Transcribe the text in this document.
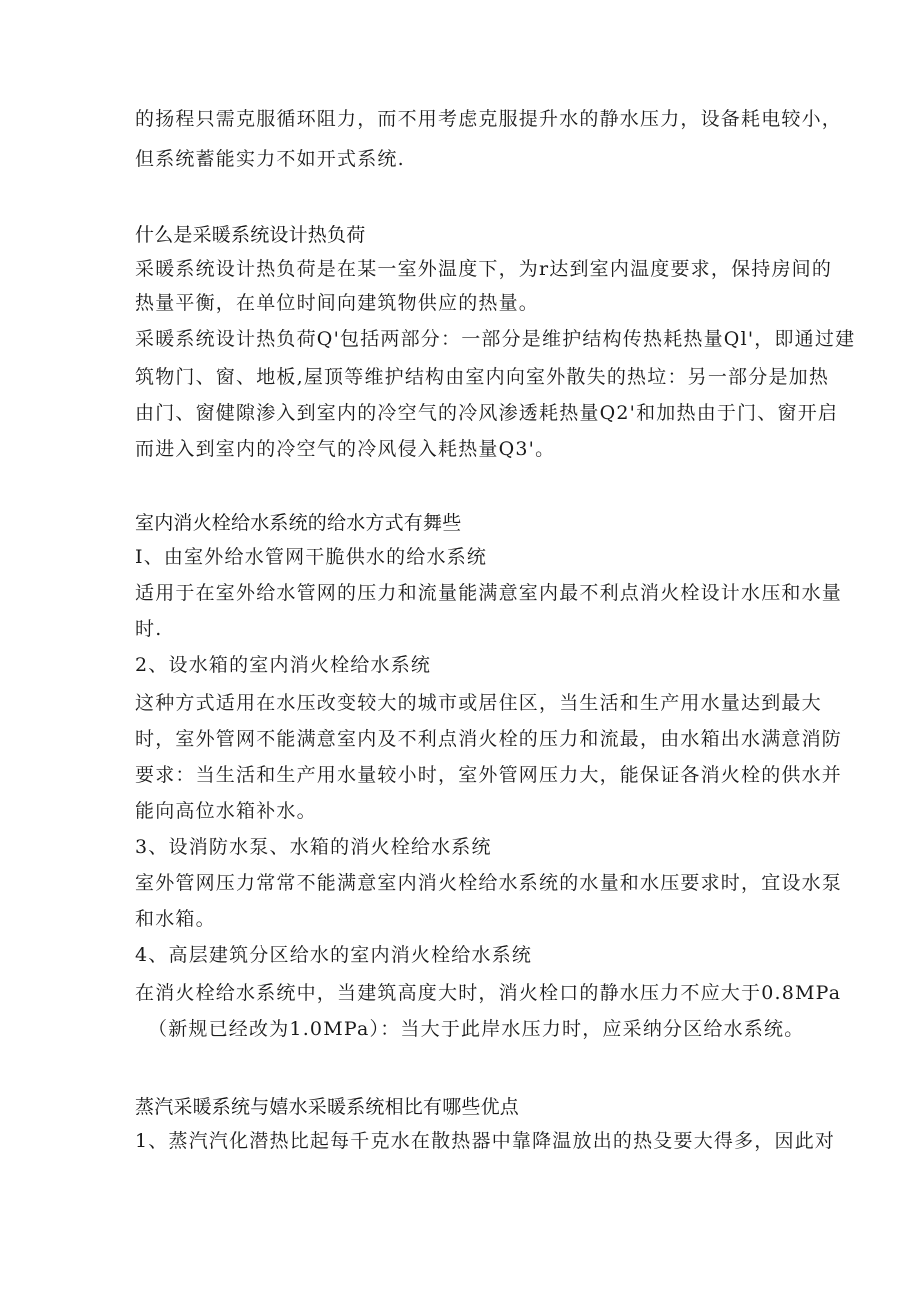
的扬程只需克服循环阻力，而不用考虑克服提升水的静水压力，设备耗电较小，
但系统蓄能实力不如开式系统.
什么是采暖系统设计热负荷
采暖系统设计热负荷是在某一室外温度下，为r达到室内温度要求，保持房间的
热量平衡，在单位时间向建筑物供应的热量。
采暖系统设计热负荷Q'包括两部分：一部分是维护结构传热耗热量Ql'，即通过建
筑物门、窗、地板,屋顶等维护结构由室内向室外散失的热垃：另一部分是加热
由门、窗健隙渗入到室内的冷空气的冷风渗透耗热量Q2'和加热由于门、窗开启
而进入到室内的冷空气的冷风侵入耗热量Q3'。
室内消火栓给水系统的给水方式有舞些
I、由室外给水管网干脆供水的给水系统
适用于在室外给水管网的压力和流量能满意室内最不利点消火栓设计水压和水量
时.
2、设水箱的室内消火栓给水系统
这种方式适用在水压改变较大的城市或居住区，当生活和生产用水量达到最大
时，室外管网不能满意室内及不利点消火栓的压力和流最，由水箱出水满意消防
要求：当生活和生产用水量较小时，室外管网压力大，能保证各消火栓的供水并
能向高位水箱补水。
3、设消防水泵、水箱的消火栓给水系统
室外管网压力常常不能满意室内消火栓给水系统的水量和水压要求时，宜设水泵
和水箱。
4、高层建筑分区给水的室内消火栓给水系统
在消火栓给水系统中，当建筑高度大时，消火栓口的静水压力不应大于0.8MPa
（新规已经改为1.0MPa）：当大于此岸水压力时，应采纳分区给水系统。
蒸汽采暖系统与嬉水采暖系统相比有哪些优点
1、蒸汽汽化潜热比起每千克水在散热器中靠降温放出的热殳要大得多，因此对
